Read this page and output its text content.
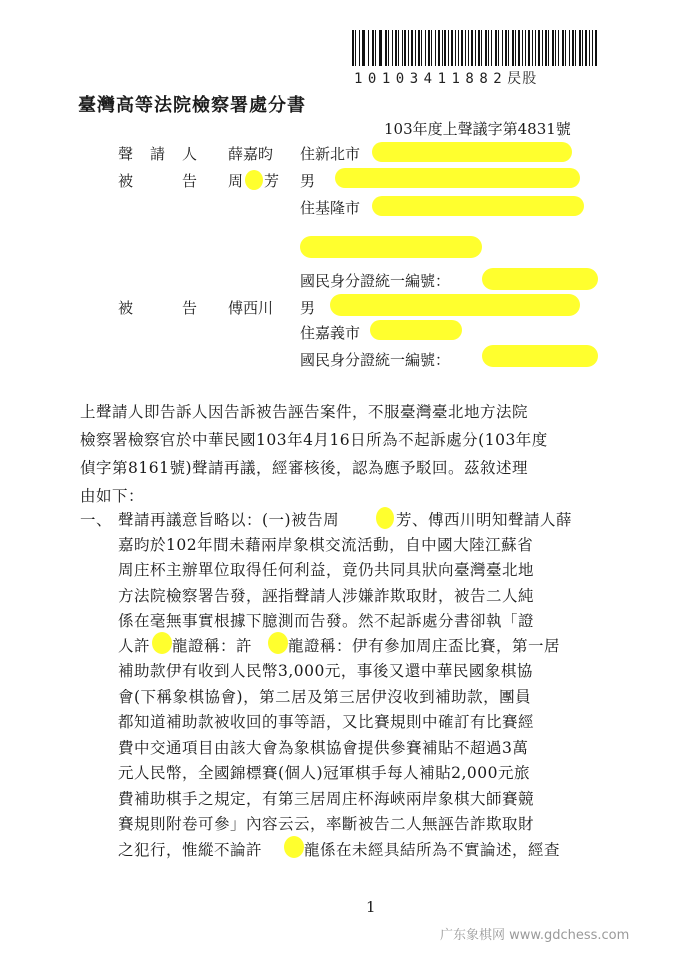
10103411882昃股
臺灣高等法院檢察署處分書
103年度上聲議字第4831號
聲　請　人 薛嘉昀 住新北市
被　　　告 周 芳 男
住基隆市
國民身分證統一編號：
被　　　告 傅西川 男
住嘉義市
國民身分證統一編號：
上聲請人即告訴人因告訴被告誣告案件，不服臺灣臺北地方法院
檢察署檢察官於中華民國103年4月16日所為不起訴處分(103年度
偵字第8161號)聲請再議，經審核後，認為應予駁回。茲敘述理
由如下：
一、 聲請再議意旨略以：(一)被告周	芳、傅西川明知聲請人薛
嘉昀於102年間未藉兩岸象棋交流活動，自中國大陸江蘇省
周庄杯主辦單位取得任何利益，竟仍共同具狀向臺灣臺北地
方法院檢察署告發，誣指聲請人涉嫌詐欺取財，被告二人純
係在毫無事實根據下臆測而告發。然不起訴處分書卻執「證
人許 龍證稱：許 龍證稱：伊有參加周庄盃比賽，第一居
補助款伊有收到人民幣3,000元，事後又還中華民國象棋協
會(下稱象棋協會)，第二居及第三居伊沒收到補助款，團員
都知道補助款被收回的事等語，又比賽規則中確訂有比賽經
費中交通項目由該大會為象棋協會提供參賽補貼不超過3萬
元人民幣，全國錦標賽(個人)冠軍棋手每人補貼2,000元旅
費補助棋手之規定，有第三居周庄杯海峽兩岸象棋大師賽競
賽規則附卷可參」內容云云，率斷被告二人無誣告詐欺取財
之犯行，惟縱不論許	龍係在未經具結所為不實論述，經查
1
广东象棋网 www.gdchess.com
